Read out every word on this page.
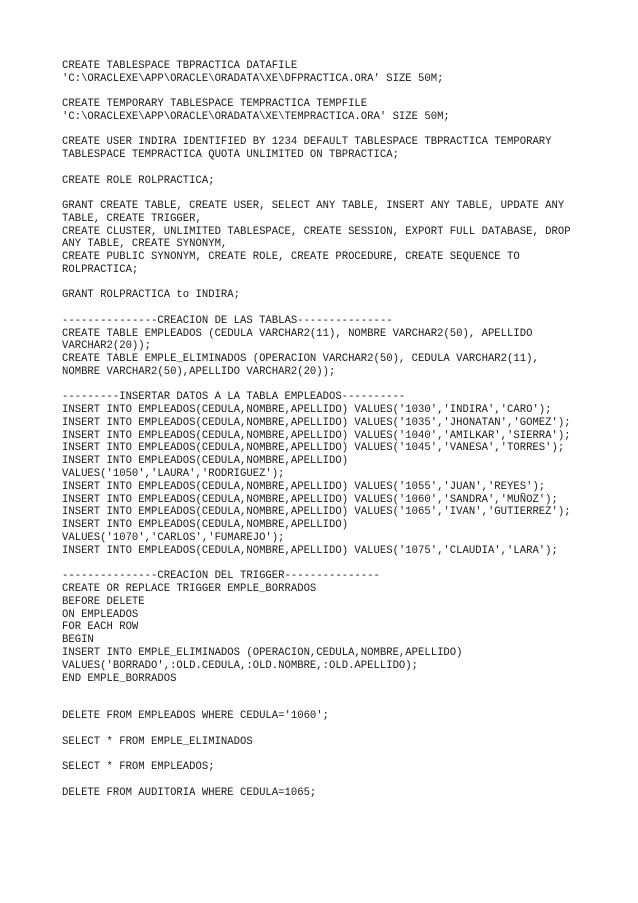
CREATE TABLESPACE TBPRACTICA DATAFILE
'C:\ORACLEXE\APP\ORACLE\ORADATA\XE\DFPRACTICA.ORA' SIZE 50M;
CREATE TEMPORARY TABLESPACE TEMPRACTICA TEMPFILE
'C:\ORACLEXE\APP\ORACLE\ORADATA\XE\TEMPRACTICA.ORA' SIZE 50M;
CREATE USER INDIRA IDENTIFIED BY 1234 DEFAULT TABLESPACE TBPRACTICA TEMPORARY
TABLESPACE TEMPRACTICA QUOTA UNLIMITED ON TBPRACTICA;
CREATE ROLE ROLPRACTICA;
GRANT CREATE TABLE, CREATE USER, SELECT ANY TABLE, INSERT ANY TABLE, UPDATE ANY
TABLE, CREATE TRIGGER,
CREATE CLUSTER, UNLIMITED TABLESPACE, CREATE SESSION, EXPORT FULL DATABASE, DROP
ANY TABLE, CREATE SYNONYM,
CREATE PUBLIC SYNONYM, CREATE ROLE, CREATE PROCEDURE, CREATE SEQUENCE TO
ROLPRACTICA;
GRANT ROLPRACTICA to INDIRA;
---------------CREACION DE LAS TABLAS---------------
CREATE TABLE EMPLEADOS (CEDULA VARCHAR2(11), NOMBRE VARCHAR2(50), APELLIDO
VARCHAR2(20));
CREATE TABLE EMPLE_ELIMINADOS (OPERACION VARCHAR2(50), CEDULA VARCHAR2(11),
NOMBRE VARCHAR2(50),APELLIDO VARCHAR2(20));
---------INSERTAR DATOS A LA TABLA EMPLEADOS----------
INSERT INTO EMPLEADOS(CEDULA,NOMBRE,APELLIDO) VALUES('1030','INDIRA','CARO');
INSERT INTO EMPLEADOS(CEDULA,NOMBRE,APELLIDO) VALUES('1035','JHONATAN','GOMEZ');
INSERT INTO EMPLEADOS(CEDULA,NOMBRE,APELLIDO) VALUES('1040','AMILKAR','SIERRA');
INSERT INTO EMPLEADOS(CEDULA,NOMBRE,APELLIDO) VALUES('1045','VANESA','TORRES');
INSERT INTO EMPLEADOS(CEDULA,NOMBRE,APELLIDO)
VALUES('1050','LAURA','RODRIGUEZ');
INSERT INTO EMPLEADOS(CEDULA,NOMBRE,APELLIDO) VALUES('1055','JUAN','REYES');
INSERT INTO EMPLEADOS(CEDULA,NOMBRE,APELLIDO) VALUES('1060','SANDRA','MUÑOZ');
INSERT INTO EMPLEADOS(CEDULA,NOMBRE,APELLIDO) VALUES('1065','IVAN','GUTIERREZ');
INSERT INTO EMPLEADOS(CEDULA,NOMBRE,APELLIDO)
VALUES('1070','CARLOS','FUMAREJO');
INSERT INTO EMPLEADOS(CEDULA,NOMBRE,APELLIDO) VALUES('1075','CLAUDIA','LARA');
---------------CREACION DEL TRIGGER---------------
CREATE OR REPLACE TRIGGER EMPLE_BORRADOS
BEFORE DELETE
ON EMPLEADOS
FOR EACH ROW
BEGIN
INSERT INTO EMPLE_ELIMINADOS (OPERACION,CEDULA,NOMBRE,APELLIDO)
VALUES('BORRADO',:OLD.CEDULA,:OLD.NOMBRE,:OLD.APELLIDO);
END EMPLE_BORRADOS
DELETE FROM EMPLEADOS WHERE CEDULA='1060';
SELECT * FROM EMPLE_ELIMINADOS
SELECT * FROM EMPLEADOS;
DELETE FROM AUDITORIA WHERE CEDULA=1065;
